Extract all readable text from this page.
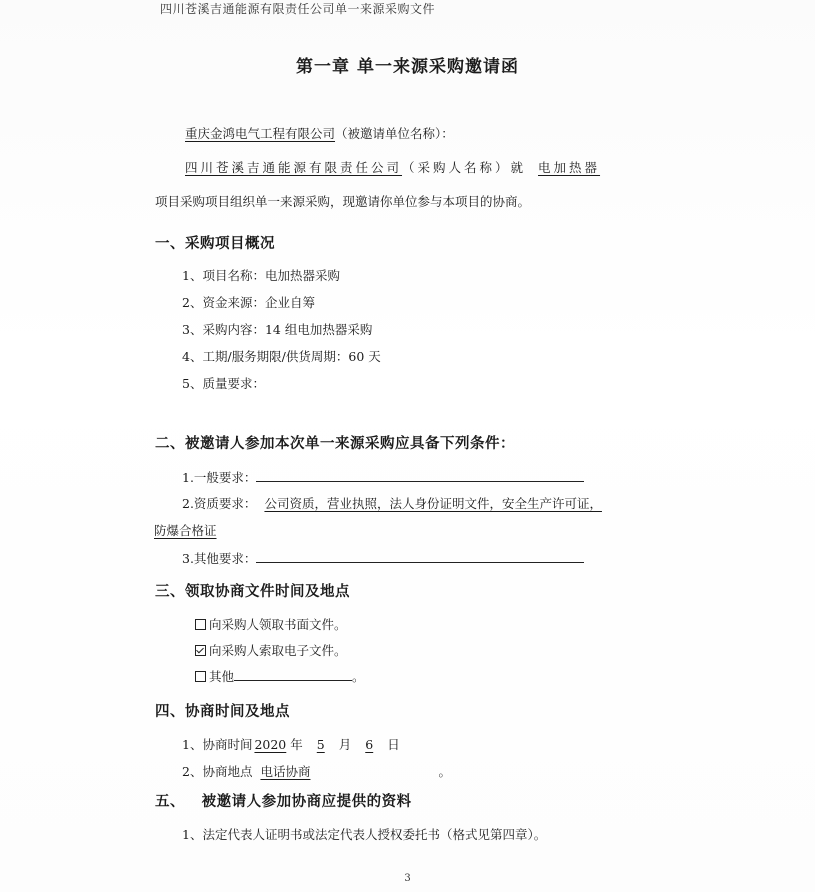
四川苍溪吉通能源有限责任公司单一来源采购文件
第一章 单一来源采购邀请函
重庆金鸿电气工程有限公司（被邀请单位名称）：
四川苍溪吉通能源有限责任公司（采购人名称）就 电加热器
项目采购项目组织单一来源采购，现邀请你单位参与本项目的协商。
一、采购项目概况
1、项目名称：电加热器采购
2、资金来源：企业自筹
3、采购内容：14 组电加热器采购
4、工期/服务期限/供货周期：60 天
5、质量要求：
二、被邀请人参加本次单一来源采购应具备下列条件：
1.一般要求：
2.资质要求： 公司资质，营业执照，法人身份证明文件，安全生产许可证，
防爆合格证
3.其他要求：
三、领取协商文件时间及地点
向采购人领取书面文件。
向采购人索取电子文件。
其他	。
四、协商时间及地点
1、协商时间 2020 年 5 月 6 日
2、协商地点 电话协商	。
五、   被邀请人参加协商应提供的资料
1、法定代表人证明书或法定代表人授权委托书（格式见第四章）。
3
